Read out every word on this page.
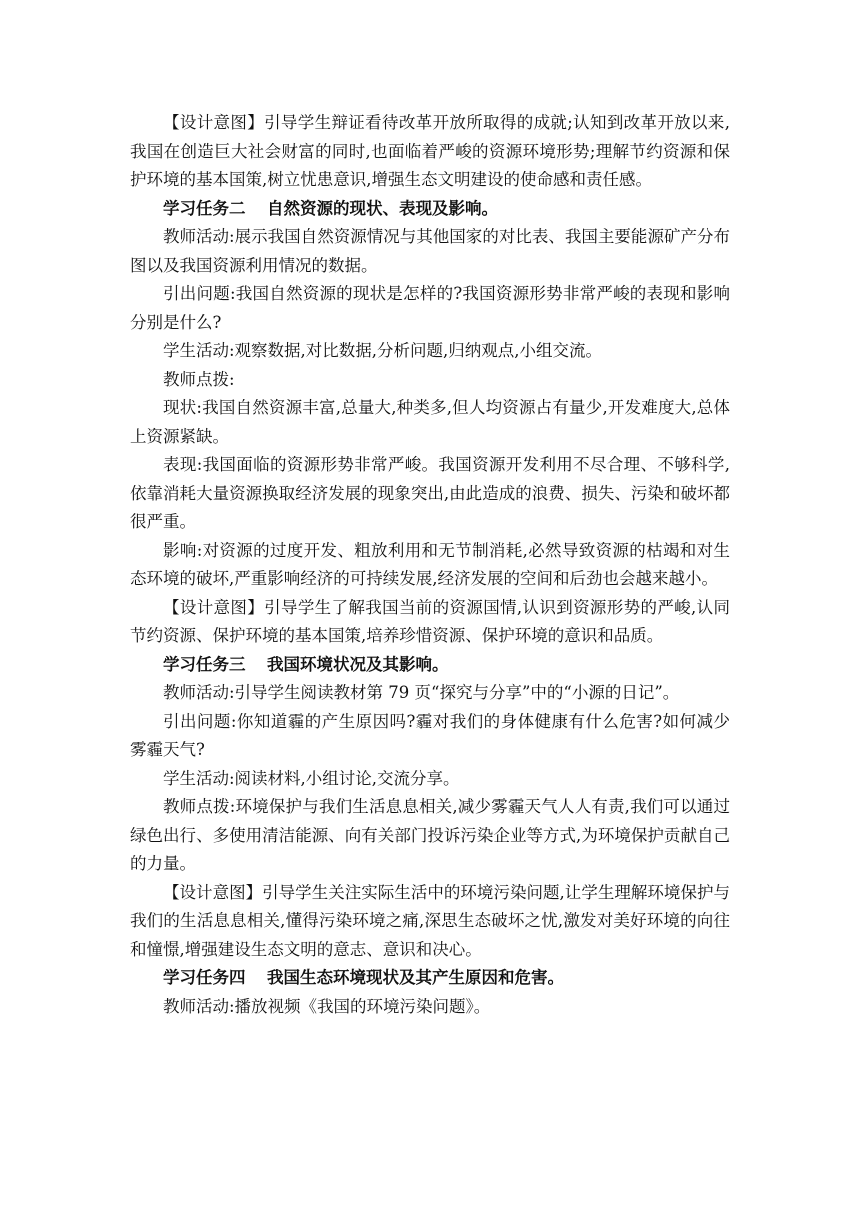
【设计意图】引导学生辩证看待改革开放所取得的成就;认知到改革开放以来,我国在创造巨大社会财富的同时,也面临着严峻的资源环境形势;理解节约资源和保护环境的基本国策,树立忧患意识,增强生态文明建设的使命感和责任感。

学习任务二 自然资源的现状、表现及影响。

教师活动:展示我国自然资源情况与其他国家的对比表、我国主要能源矿产分布图以及我国资源利用情况的数据。

引出问题:我国自然资源的现状是怎样的?我国资源形势非常严峻的表现和影响分别是什么?

学生活动:观察数据,对比数据,分析问题,归纳观点,小组交流。

教师点拨:

现状:我国自然资源丰富,总量大,种类多,但人均资源占有量少,开发难度大,总体上资源紧缺。

表现:我国面临的资源形势非常严峻。我国资源开发利用不尽合理、不够科学,依靠消耗大量资源换取经济发展的现象突出,由此造成的浪费、损失、污染和破坏都很严重。

影响:对资源的过度开发、粗放利用和无节制消耗,必然导致资源的枯竭和对生态环境的破坏,严重影响经济的可持续发展,经济发展的空间和后劲也会越来越小。

【设计意图】引导学生了解我国当前的资源国情,认识到资源形势的严峻,认同节约资源、保护环境的基本国策,培养珍惜资源、保护环境的意识和品质。

学习任务三 我国环境状况及其影响。

教师活动:引导学生阅读教材第 79 页“探究与分享”中的“小源的日记”。

引出问题:你知道霾的产生原因吗?霾对我们的身体健康有什么危害?如何减少雾霾天气?

学生活动:阅读材料,小组讨论,交流分享。

教师点拨:环境保护与我们生活息息相关,减少雾霾天气人人有责,我们可以通过绿色出行、多使用清洁能源、向有关部门投诉污染企业等方式,为环境保护贡献自己的力量。

【设计意图】引导学生关注实际生活中的环境污染问题,让学生理解环境保护与我们的生活息息相关,懂得污染环境之痛,深思生态破坏之忧,激发对美好环境的向往和憧憬,增强建设生态文明的意志、意识和决心。

学习任务四 我国生态环境现状及其产生原因和危害。

教师活动:播放视频《我国的环境污染问题》。
